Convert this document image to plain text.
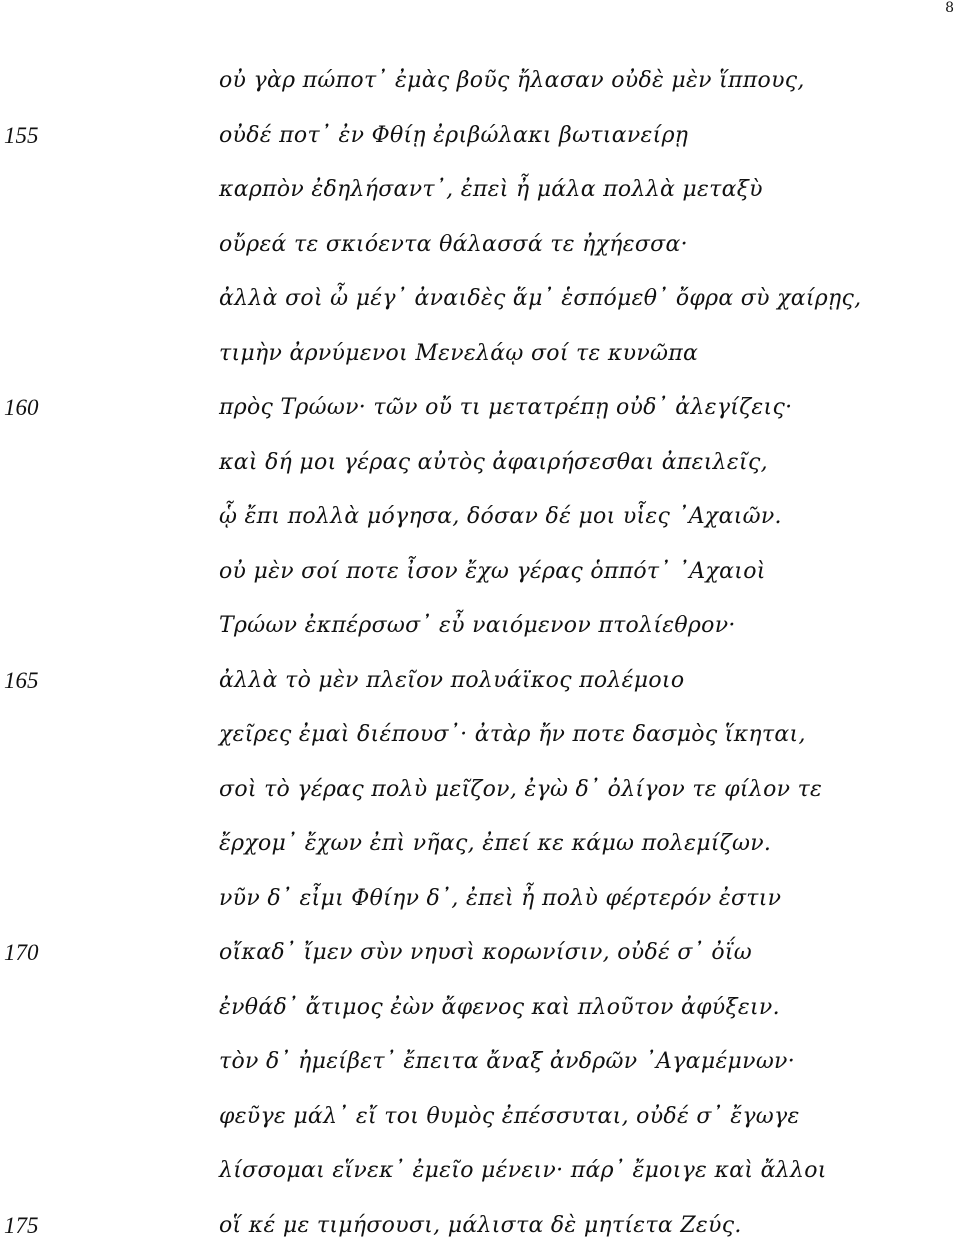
8
οὐ γὰρ πώποτ᾽ ἐμὰς βοῦς ἤλασαν οὐδὲ μὲν ἵππους,
155	οὐδέ ποτ᾽ ἐν Φθίῃ ἐριβώλακι βωτιανείρῃ
καρπὸν ἐδηλήσαντ᾽, ἐπεὶ ἦ μάλα πολλὰ μεταξὺ
οὔρεά τε σκιόεντα θάλασσά τε ἠχήεσσα·
ἀλλὰ σοὶ ὦ μέγ᾽ ἀναιδὲς ἅμ᾽ ἑσπόμεθ᾽ ὄφρα σὺ χαίρῃς,
τιμὴν ἀρνύμενοι Μενελάῳ σοί τε κυνῶπα
160	πρὸς Τρώων· τῶν οὔ τι μετατρέπῃ οὐδ᾽ ἀλεγίζεις·
καὶ δή μοι γέρας αὐτὸς ἀφαιρήσεσθαι ἀπειλεῖς,
ᾧ ἔπι πολλὰ μόγησα, δόσαν δέ μοι υἷες ᾿Αχαιῶν.
οὐ μὲν σοί ποτε ἶσον ἔχω γέρας ὁππότ᾽ ᾿Αχαιοὶ
Τρώων ἐκπέρσωσ᾽ εὖ ναιόμενον πτολίεθρον·
165	ἀλλὰ τὸ μὲν πλεῖον πολυάϊκος πολέμοιο
χεῖρες ἐμαὶ διέπουσ᾽· ἀτὰρ ἤν ποτε δασμὸς ἵκηται,
σοὶ τὸ γέρας πολὺ μεῖζον, ἐγὼ δ᾽ ὀλίγον τε φίλον τε
ἔρχομ᾽ ἔχων ἐπὶ νῆας, ἐπεί κε κάμω πολεμίζων.
νῦν δ᾽ εἶμι Φθίην δ᾽, ἐπεὶ ἦ πολὺ φέρτερόν ἐστιν
170	οἴκαδ᾽ ἴμεν σὺν νηυσὶ κορωνίσιν, οὐδέ σ᾽ ὀΐω
ἐνθάδ᾽ ἄτιμος ἐὼν ἄφενος καὶ πλοῦτον ἀφύξειν.
τὸν δ᾽ ἠμείβετ᾽ ἔπειτα ἄναξ ἀνδρῶν ᾿Αγαμέμνων·
φεῦγε μάλ᾽ εἴ τοι θυμὸς ἐπέσσυται, οὐδέ σ᾽ ἔγωγε
λίσσομαι εἵνεκ᾽ ἐμεῖο μένειν· πάρ᾽ ἔμοιγε καὶ ἄλλοι
175	οἵ κέ με τιμήσουσι, μάλιστα δὲ μητίετα Ζεύς.
